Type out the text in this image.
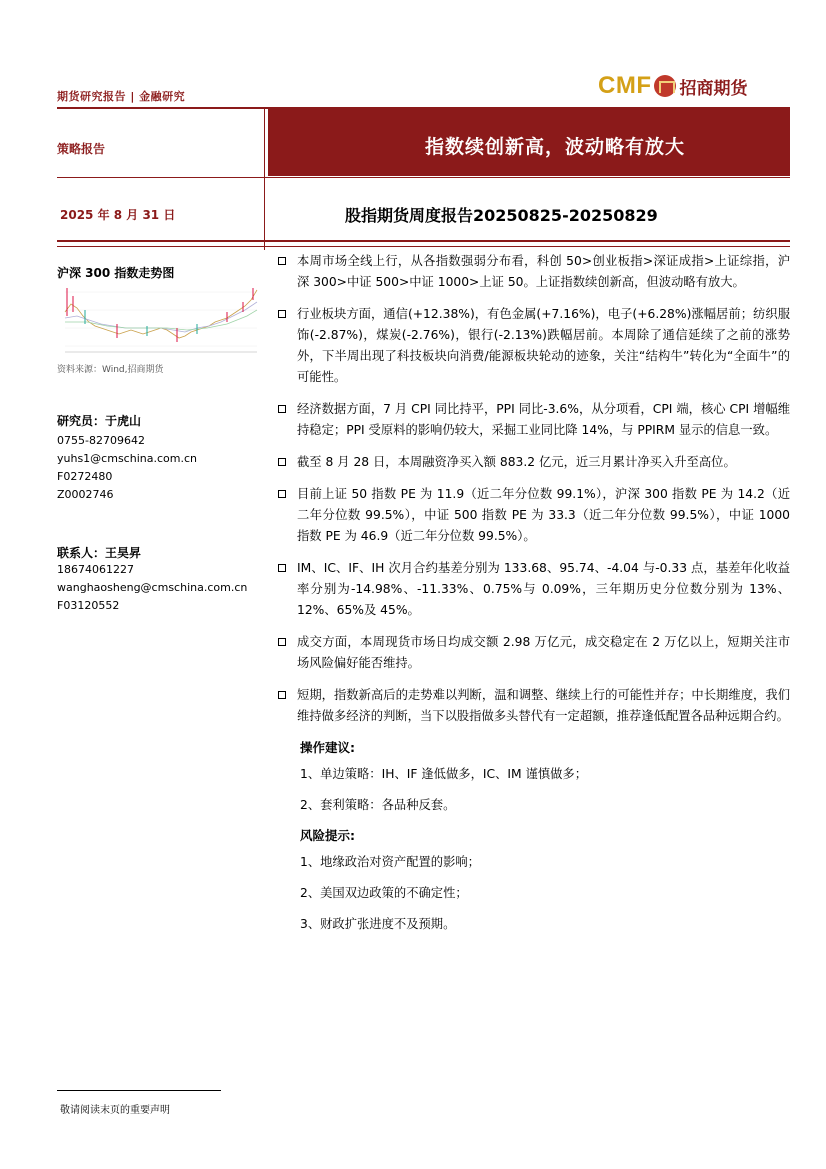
期货研究报告 | 金融研究	CMF 招商期货
策略报告	指数续创新高，波动略有放大
2025 年 8 月 31 日	股指期货周度报告20250825-20250829
沪深 300 指数走势图
资料来源：Wind,招商期货
研究员：于虎山
0755-82709642
yuhs1@cmschina.com.cn
F0272480
Z0002746
联系人：王昊昇
18674061227
wanghaosheng@cmschina.com.cn
F03120552
本周市场全线上行，从各指数强弱分布看，科创 50>创业板指>深证成指>上证综指，沪深 300>中证 500>中证 1000>上证 50。上证指数续创新高，但波动略有放大。
行业板块方面，通信(+12.38%)，有色金属(+7.16%)，电子(+6.28%)涨幅居前；纺织服饰(-2.87%)，煤炭(-2.76%)，银行(-2.13%)跌幅居前。本周除了通信延续了之前的涨势外，下半周出现了科技板块向消费/能源板块轮动的迹象，关注“结构牛”转化为“全面牛”的可能性。
经济数据方面，7 月 CPI 同比持平，PPI 同比-3.6%，从分项看，CPI 端，核心 CPI 增幅维持稳定；PPI 受原料的影响仍较大，采掘工业同比降 14%，与 PPIRM 显示的信息一致。
截至 8 月 28 日，本周融资净买入额 883.2 亿元，近三月累计净买入升至高位。
目前上证 50 指数 PE 为 11.9（近二年分位数 99.1%），沪深 300 指数 PE 为 14.2（近二年分位数 99.5%），中证 500 指数 PE 为 33.3（近二年分位数 99.5%），中证 1000 指数 PE 为 46.9（近二年分位数 99.5%）。
IM、IC、IF、IH 次月合约基差分别为 133.68、95.74、-4.04 与-0.33 点，基差年化收益率分别为-14.98%、-11.33%、0.75%与 0.09%，三年期历史分位数分别为 13%、12%、65%及 45%。
成交方面，本周现货市场日均成交额 2.98 万亿元，成交稳定在 2 万亿以上，短期关注市场风险偏好能否维持。
短期，指数新高后的走势难以判断，温和调整、继续上行的可能性并存；中长期维度，我们维持做多经济的判断，当下以股指做多头替代有一定超额，推荐逢低配置各品种远期合约。
操作建议:
1、单边策略：IH、IF 逢低做多，IC、IM 谨慎做多；
2、套利策略：各品种反套。
风险提示:
1、地缘政治对资产配置的影响；
2、美国双边政策的不确定性；
3、财政扩张进度不及预期。
敬请阅读末页的重要声明
